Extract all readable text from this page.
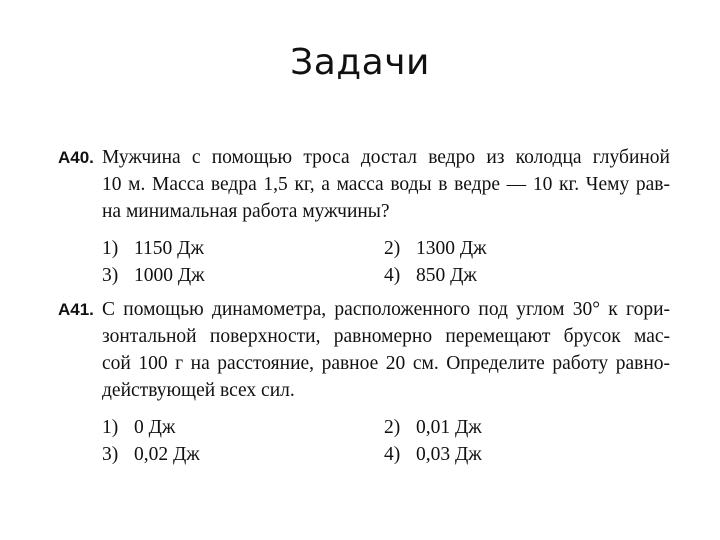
Задачи
A40. Мужчина с помощью троса достал ведро из колодца глубиной
10 м. Масса ведра 1,5 кг, а масса воды в ведре — 10 кг. Чему рав-
на минимальная работа мужчины?
1) 1150 Дж	2) 1300 Дж
3) 1000 Дж	4) 850 Дж
A41. С помощью динамометра, расположенного под углом 30° к гори-
зонтальной поверхности, равномерно перемещают брусок мас-
сой 100 г на расстояние, равное 20 см. Определите работу равно-
действующей всех сил.
1) 0 Дж	2) 0,01 Дж
3) 0,02 Дж	4) 0,03 Дж
